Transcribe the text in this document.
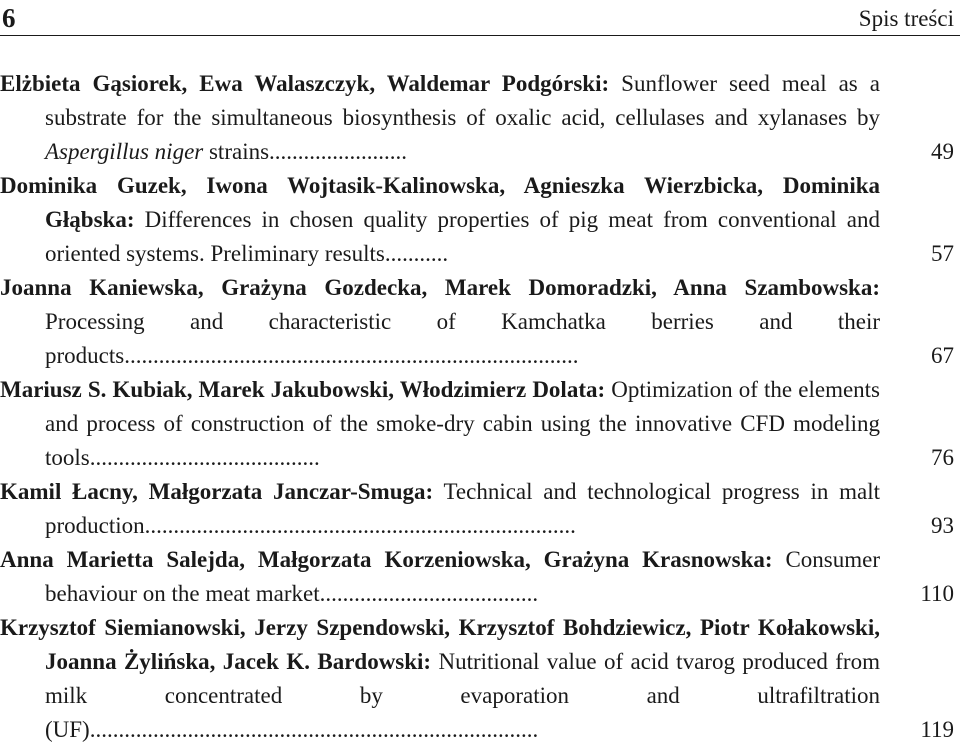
6	Spis treści

Elżbieta Gąsiorek, Ewa Walaszczyk, Waldemar Podgórski: Sunflower seed meal as a substrate for the simultaneous biosynthesis of oxalic acid, cellulases and xylanases by Aspergillus niger strains........................	49

Dominika Guzek, Iwona Wojtasik-Kalinowska, Agnieszka Wierzbicka, Dominika Głąbska: Differences in chosen quality properties of pig meat from conventional and oriented systems. Preliminary results...........	57

Joanna Kaniewska, Grażyna Gozdecka, Marek Domoradzki, Anna Szambowska: Processing and characteristic of Kamchatka berries and their products...............................................................................	67

Mariusz S. Kubiak, Marek Jakubowski, Włodzimierz Dolata: Optimization of the elements and process of construction of the smoke-dry cabin using the innovative CFD modeling tools........................................	76

Kamil Łacny, Małgorzata Janczar-Smuga: Technical and technological progress in malt production...........................................................................	93

Anna Marietta Salejda, Małgorzata Korzeniowska, Grażyna Krasnowska: Consumer behaviour on the meat market......................................	110

Krzysztof Siemianowski, Jerzy Szpendowski, Krzysztof Bohdziewicz, Piotr Kołakowski, Joanna Żylińska, Jacek K. Bardowski: Nutritional value of acid tvarog produced from milk concentrated by evaporation and ultrafiltration (UF)..............................................................................	119
